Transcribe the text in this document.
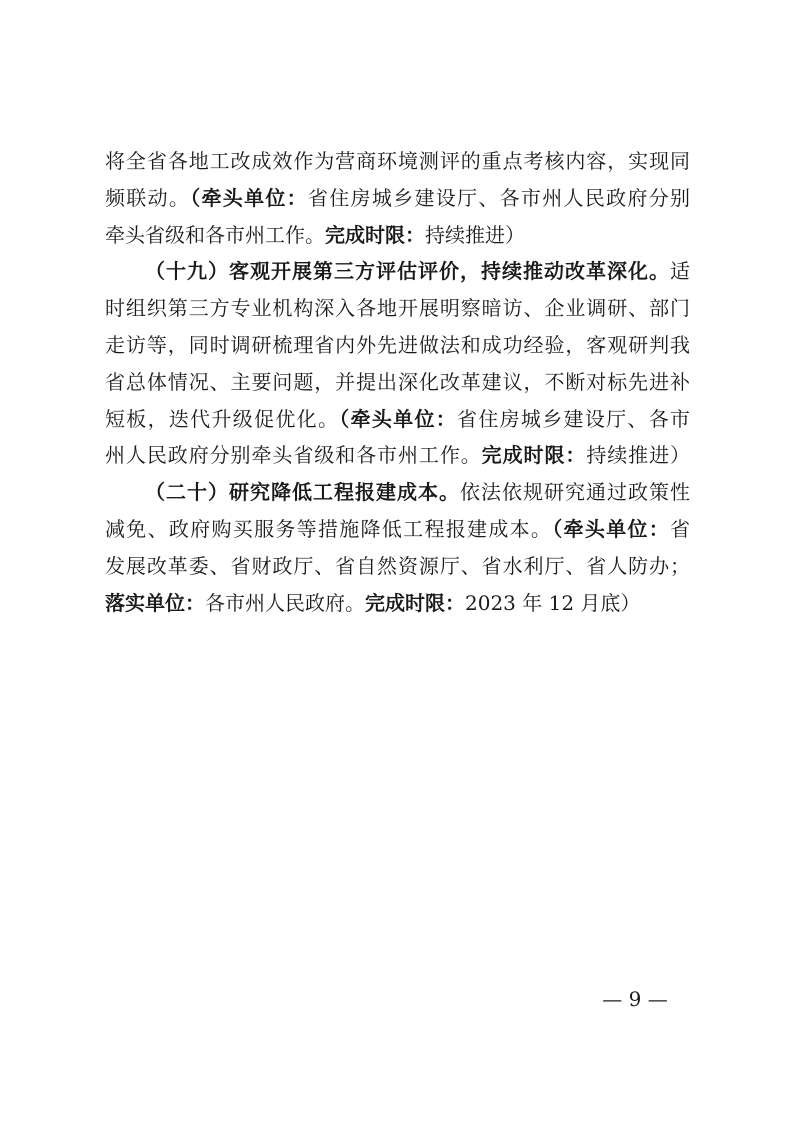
将全省各地工改成效作为营商环境测评的重点考核内容，实现同
频联动。（牵头单位：省住房城乡建设厅、各市州人民政府分别
牵头省级和各市州工作。完成时限：持续推进）
（十九）客观开展第三方评估评价，持续推动改革深化。适
时组织第三方专业机构深入各地开展明察暗访、企业调研、部门
走访等，同时调研梳理省内外先进做法和成功经验，客观研判我
省总体情况、主要问题，并提出深化改革建议，不断对标先进补
短板，迭代升级促优化。（牵头单位：省住房城乡建设厅、各市
州人民政府分别牵头省级和各市州工作。完成时限：持续推进）
（二十）研究降低工程报建成本。依法依规研究通过政策性
减免、政府购买服务等措施降低工程报建成本。（牵头单位：省
发展改革委、省财政厅、省自然资源厅、省水利厅、省人防办；
落实单位：各市州人民政府。完成时限：2023 年 12 月底）
— 9 —
